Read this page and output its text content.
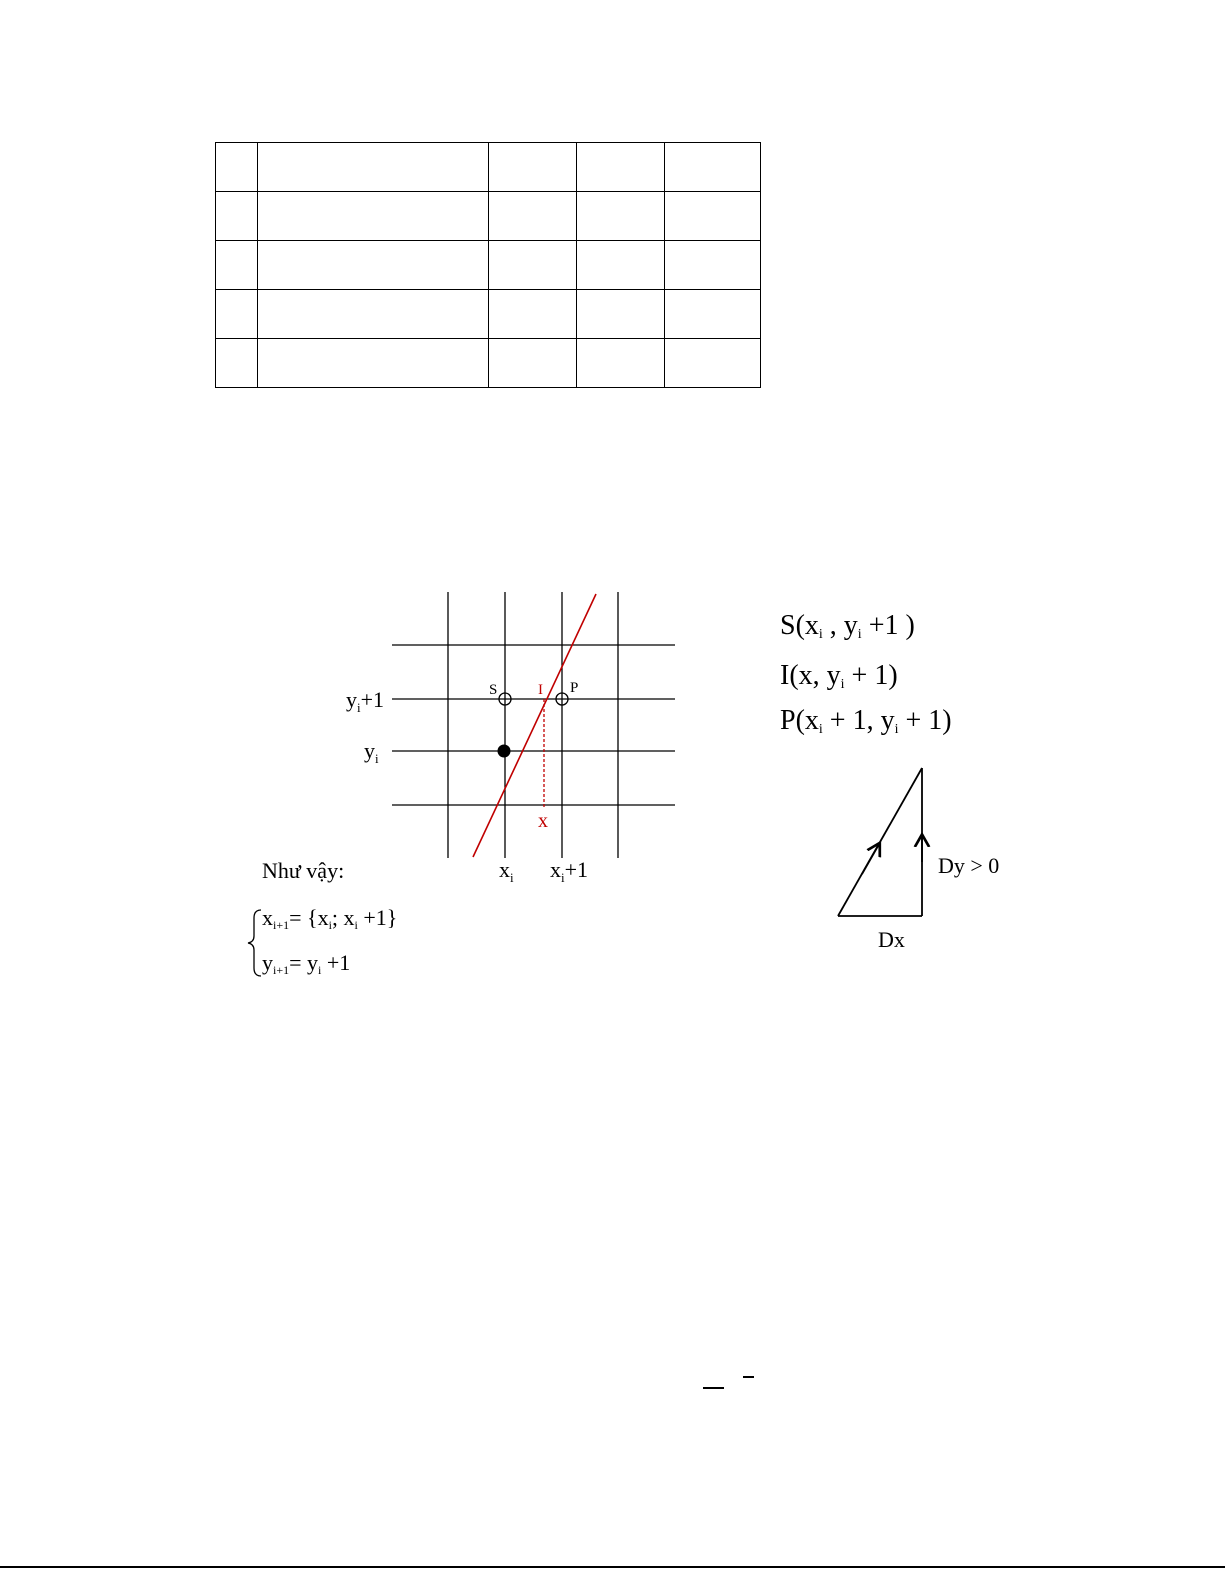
S	I P
x
$y_i+1$
$y_i$
$x_i$ $x_i+1$	Dy > 0
Dx
$S(x_i$ , $y_i +1$ )
I(x, $y_i + 1$)
$P(x_i + 1$, $y_i + 1$)
Như vậy:
$x_{i+1}= \{x_i$; $x_i +1$}
$y_{i+1}= y_i +1$
